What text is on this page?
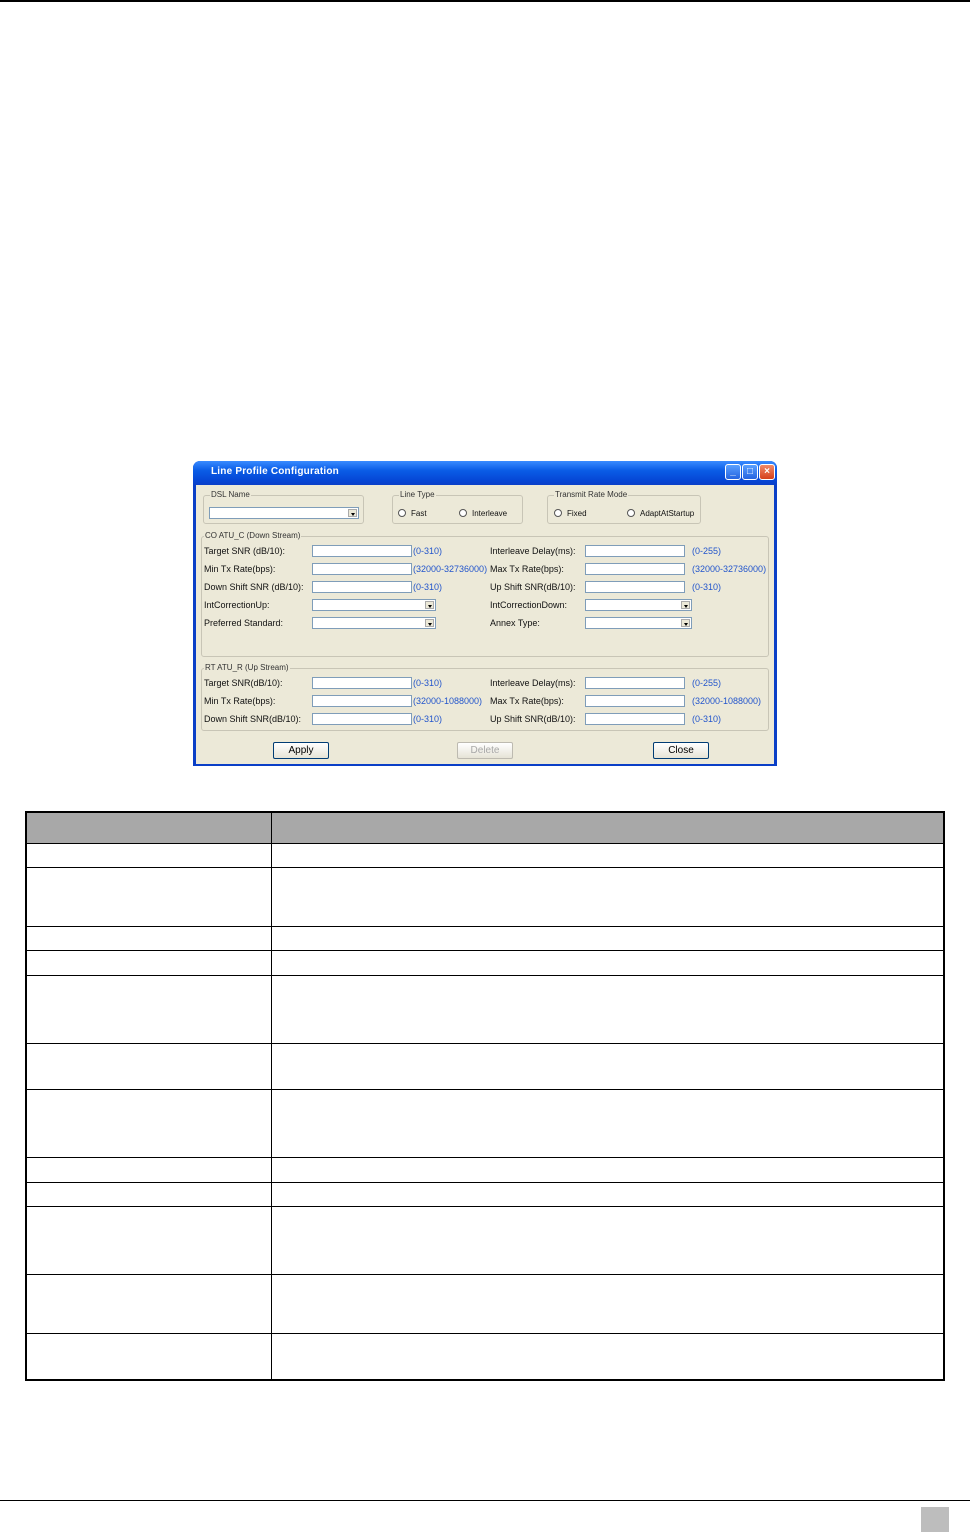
Line Profile Configuration	_	□	×
DSL Name	Line Type
Fast	Interleave
Transmit Rate Mode
Fixed	AdaptAtStartup
CO ATU_C (Down Stream)
Target SNR (dB/10):	(0-310)	Interleave Delay(ms):	(0-255)
Min Tx Rate(bps):	(32000-32736000) Max Tx Rate(bps):	(32000-32736000)
Down Shift SNR (dB/10):	(0-310)	Up Shift SNR(dB/10):	(0-310)
IntCorrectionUp:	IntCorrectionDown:
Preferred Standard:	Annex Type:
RT ATU_R (Up Stream)
Target SNR(dB/10):	(0-310)	Interleave Delay(ms):	(0-255)
Min Tx Rate(bps):	(32000-1088000) Max Tx Rate(bps):	(32000-1088000)
Down Shift SNR(dB/10):	(0-310)	Up Shift SNR(dB/10):	(0-310)
Apply	Delete	Close
